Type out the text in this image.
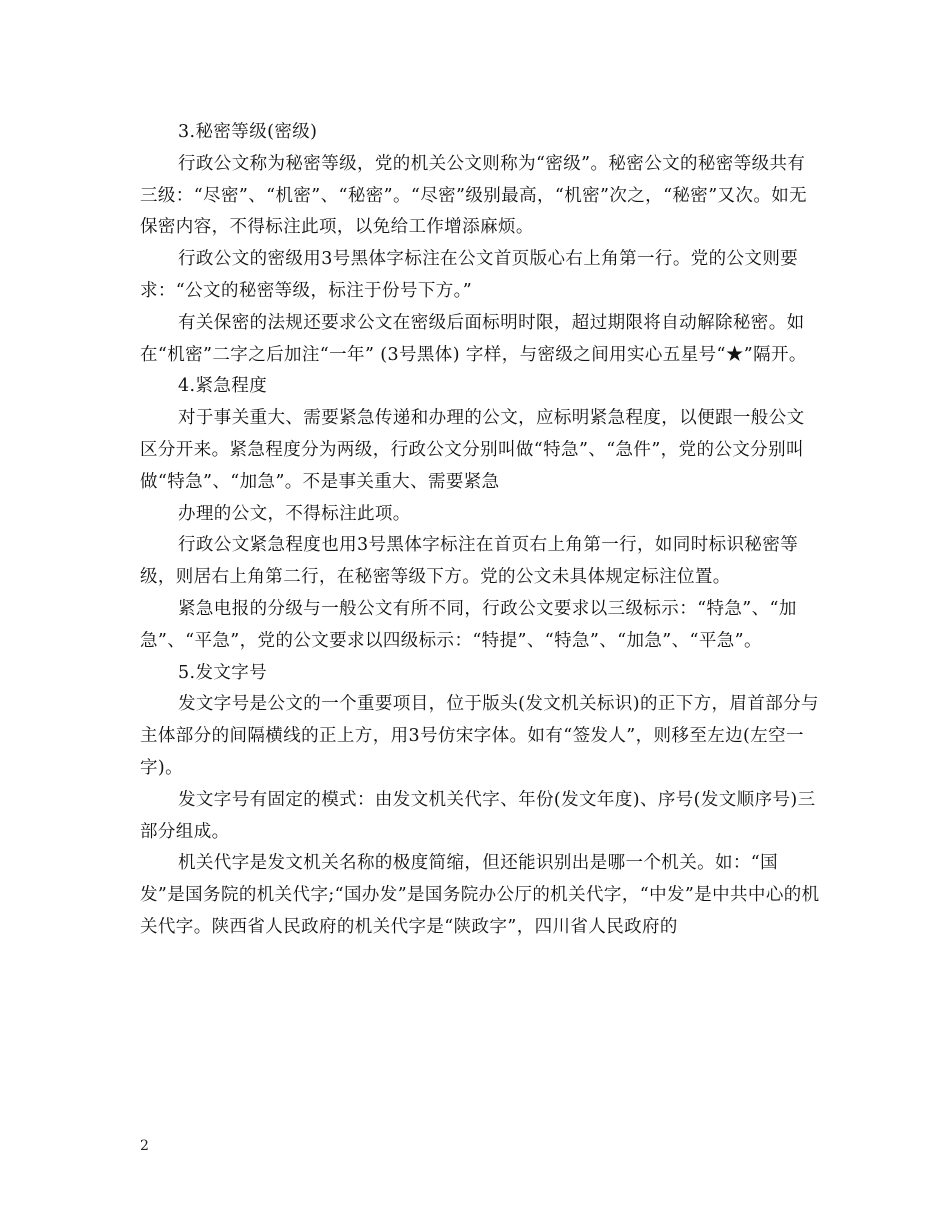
3.秘密等级(密级)

行政公文称为秘密等级，党的机关公文则称为“密级”。秘密公文的秘密等级共有三级：“尽密”、“机密”、“秘密”。“尽密”级别最高，“机密”次之，“秘密”又次。如无保密内容，不得标注此项，以免给工作增添麻烦。

行政公文的密级用3号黑体字标注在公文首页版心右上角第一行。党的公文则要求：“公文的秘密等级，标注于份号下方。”

有关保密的法规还要求公文在密级后面标明时限，超过期限将自动解除秘密。如在“机密”二字之后加注“一年” (3号黑体) 字样，与密级之间用实心五星号“★”隔开。

4.紧急程度

对于事关重大、需要紧急传递和办理的公文，应标明紧急程度，以便跟一般公文区分开来。紧急程度分为两级，行政公文分别叫做“特急”、“急件”，党的公文分别叫做“特急”、“加急”。不是事关重大、需要紧急

办理的公文，不得标注此项。

行政公文紧急程度也用3号黑体字标注在首页右上角第一行，如同时标识秘密等级，则居右上角第二行，在秘密等级下方。党的公文未具体规定标注位置。

紧急电报的分级与一般公文有所不同，行政公文要求以三级标示：“特急”、“加急”、“平急”，党的公文要求以四级标示：“特提”、“特急”、“加急”、“平急”。

5.发文字号

发文字号是公文的一个重要项目，位于版头(发文机关标识)的正下方，眉首部分与主体部分的间隔横线的正上方，用3号仿宋字体。如有“签发人”，则移至左边(左空一字)。

发文字号有固定的模式：由发文机关代字、年份(发文年度)、序号(发文顺序号)三部分组成。

机关代字是发文机关名称的极度简缩，但还能识别出是哪一个机关。如：“国发”是国务院的机关代字;“国办发”是国务院办公厅的机关代字，“中发”是中共中心的机关代字。陕西省人民政府的机关代字是“陕政字”，四川省人民政府的

2
